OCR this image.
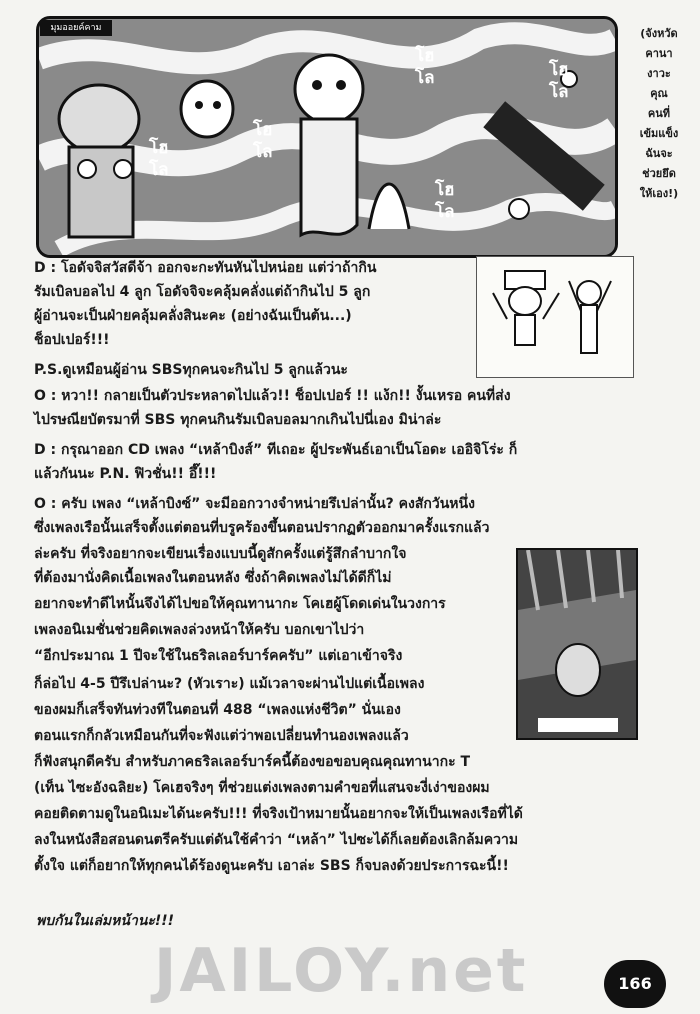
มุมออยค์คาม
โฮ
โล	โฮ
โล
โฮ
โล
โฮ
โล
โฮ
โล
(จังหวัด
คานา
งาวะ
คุณ
คนที่
เข้มแข็ง
ฉันจะ
ช่วยยึด
ให้เอง!)
D : โอดัจจิสวัสดีจ้า ออกจะกะทันหันไปหน่อย แต่ว่าถ้ากิน
รัมเบิลบอลไป 4 ลูก โอดัจจิจะคลุ้มคลั่งแต่ถ้ากินไป 5 ลูก
ผู้อ่านจะเป็นฝ่ายคลุ้มคลั่งสินะคะ (อย่างฉันเป็นต้น...)
ช็อปเปอร์!!!
P.S.ดูเหมือนผู้อ่าน SBSทุกคนจะกินไป 5 ลูกแล้วนะ
O : หวา!! กลายเป็นตัวประหลาดไปแล้ว!! ช็อปเปอร์ !! แง้ก!! งั้นเหรอ คนที่ส่ง
ไปรษณียบัตรมาที่ SBS ทุกคนกินรัมเบิลบอลมากเกินไปนี่เอง มิน่าล่ะ
D : กรุณาออก CD เพลง “เหล้าบิงส์” ทีเถอะ ผู้ประพันธ์เอาเป็นโอดะ เออิจิโร่ะ ก็
แล้วกันนะ P.N. ฟิวชั่น!! อึ๊!!!
O : ครับ เพลง “เหล้าบิงซ์” จะมีออกวางจำหน่ายรึเปล่านั้น? คงสักวันหนึ่ง
ซึ่งเพลงเรือนั้นเสร็จตั้งแต่ตอนที่บรูคร้องขึ้นตอนปรากฏตัวออกมาครั้งแรกแล้ว
ล่ะครับ ที่จริงอยากจะเขียนเรื่องแบบนี้ดูสักครั้งแต่รู้สึกลำบากใจ
ที่ต้องมานั่งคิดเนื้อเพลงในตอนหลัง ซึ่งถ้าคิดเพลงไม่ได้ดีก็ไม่
อยากจะทำดีไหนั้นจึงได้ไปขอให้คุณทานากะ โคเฮผู้โดดเด่นในวงการ
เพลงอนิเมชั่นช่วยคิดเพลงล่วงหน้าให้ครับ บอกเขาไปว่า
“อีกประมาณ 1 ปีจะใช้ในธริลเลอร์บาร์คครับ” แต่เอาเข้าจริง
ก็ล่อไป 4-5 ปีรึเปล่านะ? (หัวเราะ) แม้เวลาจะผ่านไปแต่เนื้อเพลง
ของผมก็เสร็จทันท่วงทีในตอนที่ 488 “เพลงแห่งชีวิต” นั่นเอง
ตอนแรกก็กลัวเหมือนกันที่จะฟังแต่ว่าพอเปลี่ยนทำนองเพลงแล้ว
ก็ฟังสนุกดีครับ สำหรับภาคธริลเลอร์บาร์คนี้ต้องขอขอบคุณคุณทานากะ T
(เท็น ไซะอังฉลิยะ) โคเฮจริงๆ ที่ช่วยแต่งเพลงตามคำขอที่แสนจะงี่เง่าของผม
คอยติดตามดูในอนิเมะได้นะครับ!!! ที่จริงเป้าหมายนั้นอยากจะให้เป็นเพลงเรือที่ได้
ลงในหนังสือสอนดนตรีครับแต่ดันใช้คำว่า “เหล้า” ไปซะได้ก็เลยต้องเลิกล้มความ
ตั้งใจ แต่ก็อยากให้ทุกคนได้ร้องดูนะครับ เอาล่ะ SBS ก็จบลงด้วยประการฉะนี้!!
พบกันในเล่มหน้านะ!!!
JAILOY.net	166
